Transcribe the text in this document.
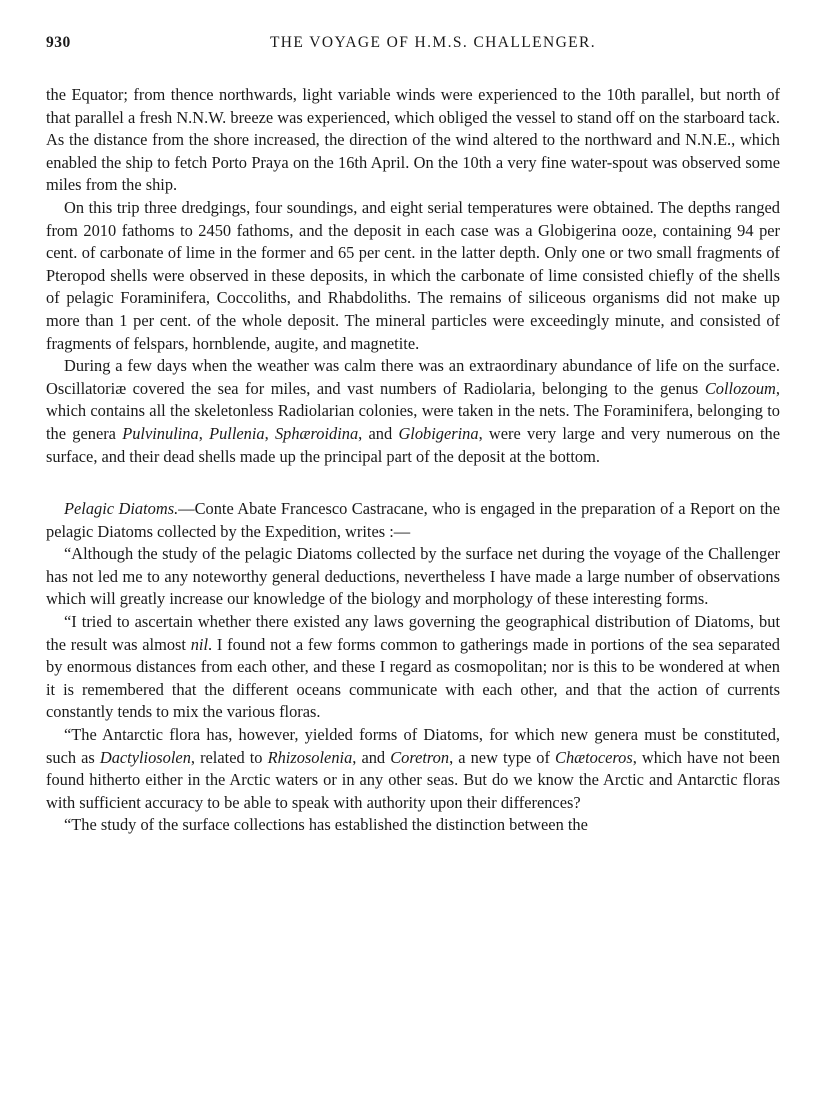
930	THE VOYAGE OF H.M.S. CHALLENGER.

the Equator; from thence northwards, light variable winds were experienced to the 10th parallel, but north of that parallel a fresh N.N.W. breeze was experienced, which obliged the vessel to stand off on the starboard tack. As the distance from the shore increased, the direction of the wind altered to the northward and N.N.E., which enabled the ship to fetch Porto Praya on the 16th April. On the 10th a very fine water-spout was observed some miles from the ship.

On this trip three dredgings, four soundings, and eight serial temperatures were obtained. The depths ranged from 2010 fathoms to 2450 fathoms, and the deposit in each case was a Globigerina ooze, containing 94 per cent. of carbonate of lime in the former and 65 per cent. in the latter depth. Only one or two small fragments of Pteropod shells were observed in these deposits, in which the carbonate of lime consisted chiefly of the shells of pelagic Foraminifera, Coccoliths, and Rhabdoliths. The remains of siliceous organisms did not make up more than 1 per cent. of the whole deposit. The mineral particles were exceedingly minute, and consisted of fragments of felspars, hornblende, augite, and magnetite.

During a few days when the weather was calm there was an extraordinary abundance of life on the surface. Oscillatoriæ covered the sea for miles, and vast numbers of Radiolaria, belonging to the genus Collozoum, which contains all the skeletonless Radiolarian colonies, were taken in the nets. The Foraminifera, belonging to the genera Pulvinulina, Pullenia, Sphæroidina, and Globigerina, were very large and very numerous on the surface, and their dead shells made up the principal part of the deposit at the bottom.

Pelagic Diatoms.—Conte Abate Francesco Castracane, who is engaged in the preparation of a Report on the pelagic Diatoms collected by the Expedition, writes :—

“Although the study of the pelagic Diatoms collected by the surface net during the voyage of the Challenger has not led me to any noteworthy general deductions, nevertheless I have made a large number of observations which will greatly increase our knowledge of the biology and morphology of these interesting forms.

“I tried to ascertain whether there existed any laws governing the geographical distribution of Diatoms, but the result was almost nil. I found not a few forms common to gatherings made in portions of the sea separated by enormous distances from each other, and these I regard as cosmopolitan; nor is this to be wondered at when it is remembered that the different oceans communicate with each other, and that the action of currents constantly tends to mix the various floras.

“The Antarctic flora has, however, yielded forms of Diatoms, for which new genera must be constituted, such as Dactyliosolen, related to Rhizosolenia, and Coretron, a new type of Chætoceros, which have not been found hitherto either in the Arctic waters or in any other seas. But do we know the Arctic and Antarctic floras with sufficient accuracy to be able to speak with authority upon their differences?

“The study of the surface collections has established the distinction between the
